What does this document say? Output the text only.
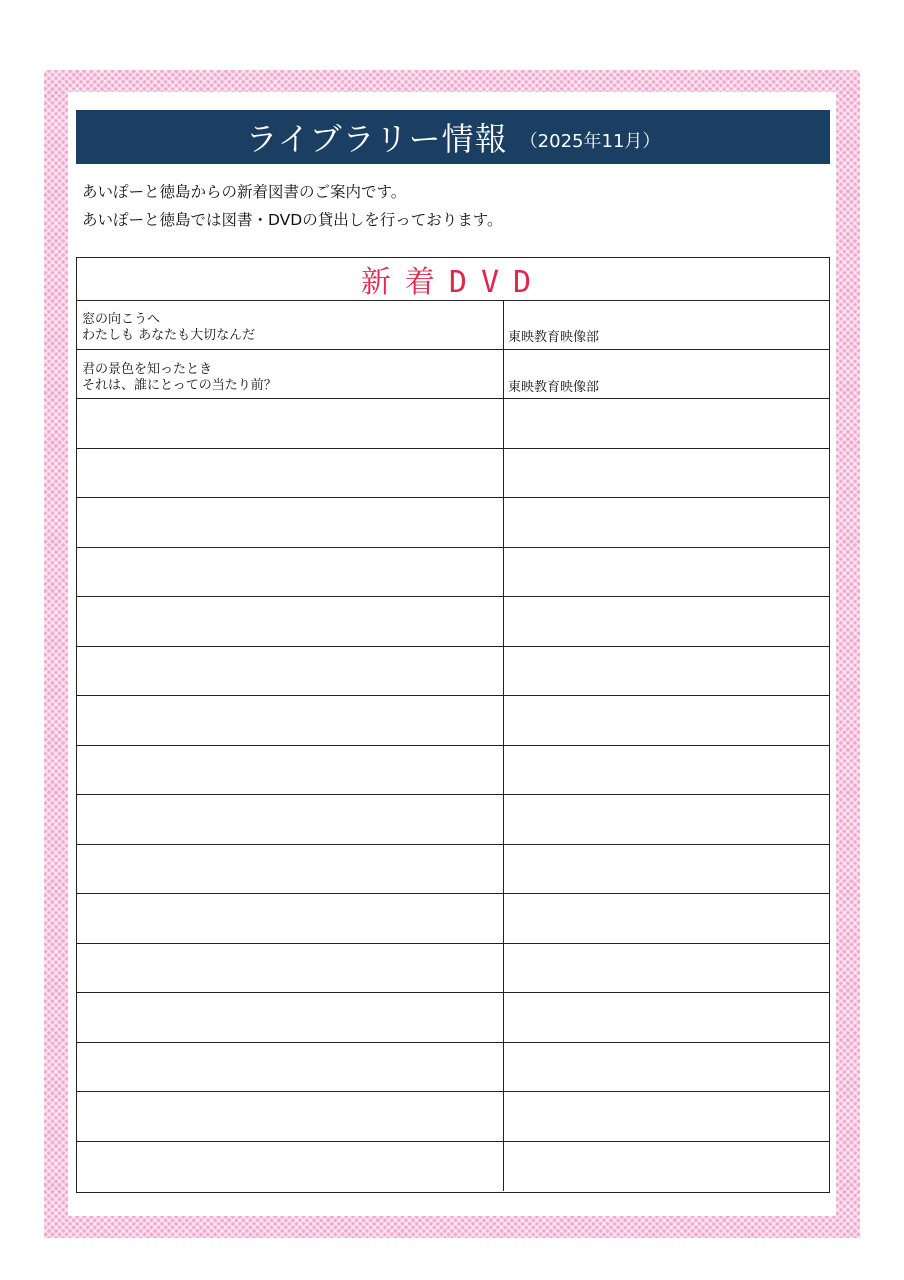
ライブラリー情報 （2025年11月）
あいぽーと徳島からの新着図書のご案内です。
あいぽーと徳島では図書・DVDの貸出しを行っております。
新着DVD
窓の向こうへ
わたしも あなたも大切なんだ	東映教育映像部
君の景色を知ったとき
それは、誰にとっての当たり前？	東映教育映像部
